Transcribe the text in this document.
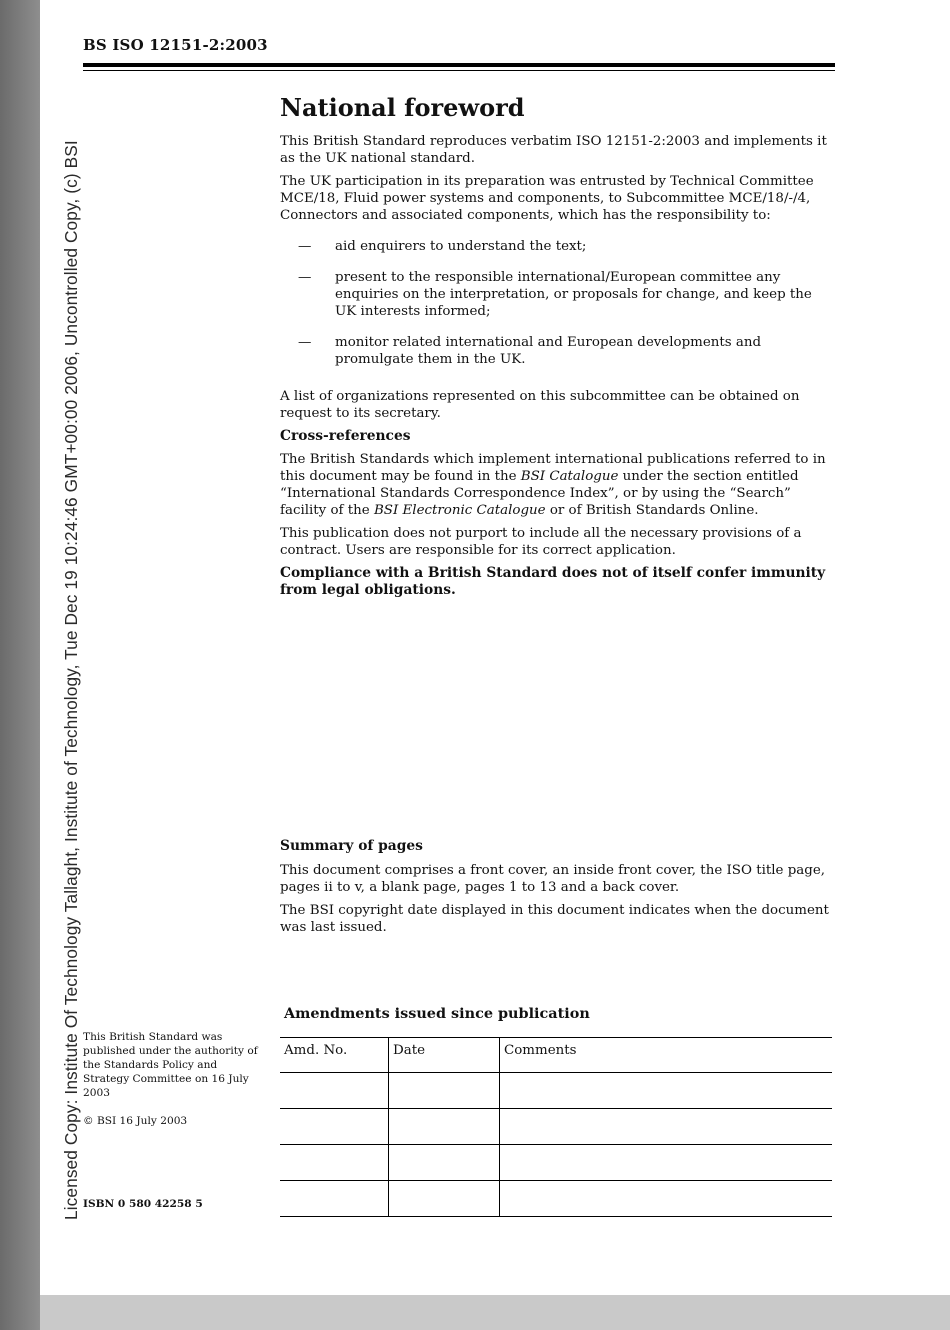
Licensed Copy: Institute Of Technology Tallaght, Institute of Technology, Tue Dec 19 10:24:46 GMT+00:00 2006, Uncontrolled Copy, (c) BSI
BS ISO 12151-2:2003
National foreword

This British Standard reproduces verbatim ISO 12151-2:2003 and implements it as the UK national standard.

The UK participation in its preparation was entrusted by Technical Committee MCE/18, Fluid power systems and components, to Subcommittee MCE/18/-/4, Connectors and associated components, which has the responsibility to:

—	aid enquirers to understand the text;
—	present to the responsible international/European committee any enquiries on the interpretation, or proposals for change, and keep the UK interests informed;
—	monitor related international and European developments and promulgate them in the UK.

A list of organizations represented on this subcommittee can be obtained on request to its secretary.

Cross-references

The British Standards which implement international publications referred to in this document may be found in the BSI Catalogue under the section entitled “International Standards Correspondence Index”, or by using the “Search” facility of the BSI Electronic Catalogue or of British Standards Online.

This publication does not purport to include all the necessary provisions of a contract. Users are responsible for its correct application.

Compliance with a British Standard does not of itself confer immunity from legal obligations.

Summary of pages

This document comprises a front cover, an inside front cover, the ISO title page, pages ii to v, a blank page, pages 1 to 13 and a back cover.

The BSI copyright date displayed in this document indicates when the document was last issued.

This British Standard was published under the authority of the Standards Policy and Strategy Committee on 16 July 2003
© BSI 16 July 2003
ISBN 0 580 42258 5
Amendments issued since publication
Amd. No.	Date	Comments
